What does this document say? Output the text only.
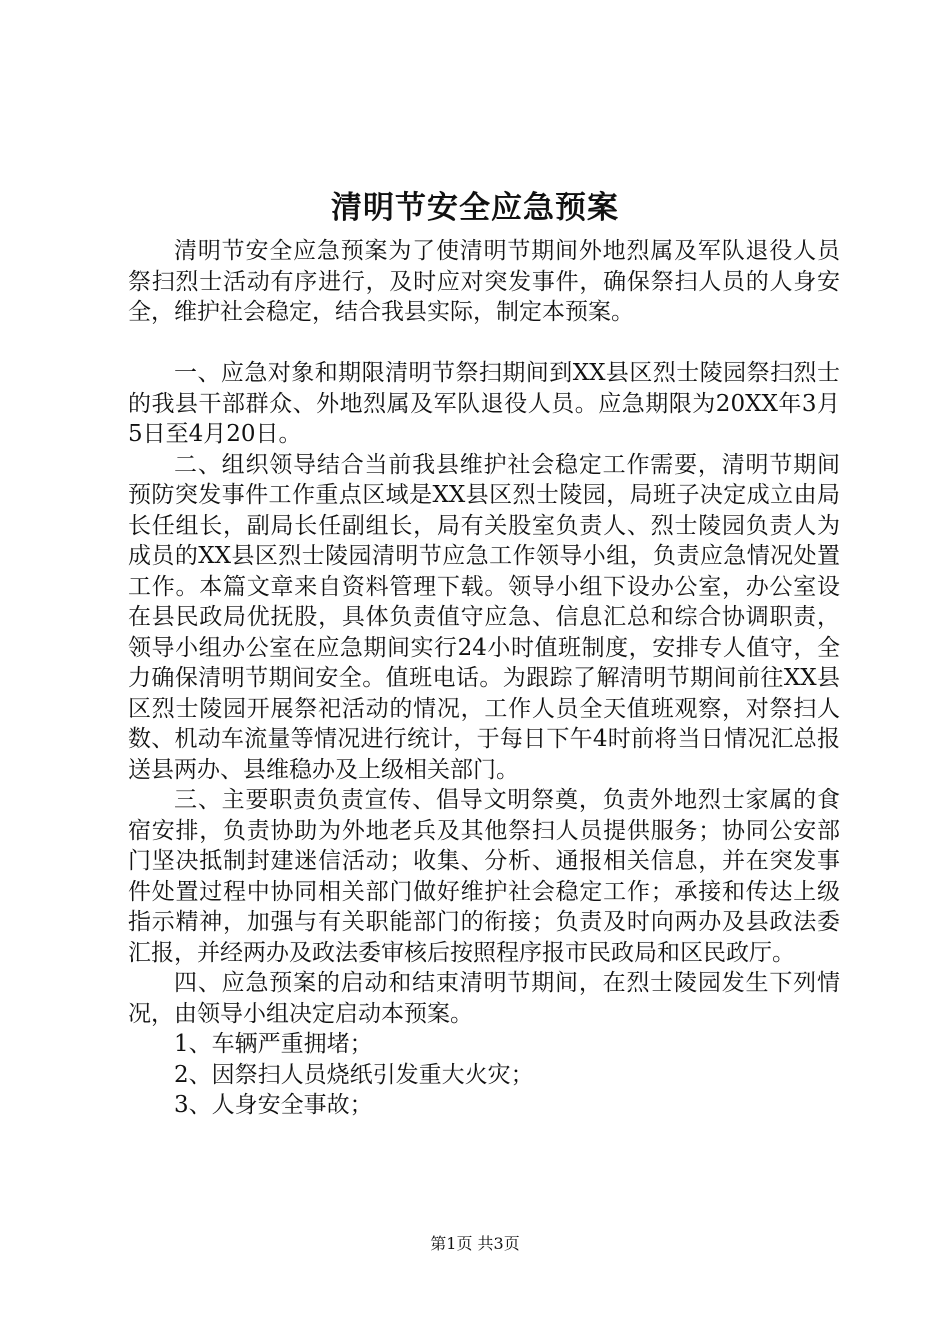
清明节安全应急预案

清明节安全应急预案为了使清明节期间外地烈属及军队退役人员祭扫烈士活动有序进行，及时应对突发事件，确保祭扫人员的人身安全，维护社会稳定，结合我县实际，制定本预案。

一、应急对象和期限清明节祭扫期间到XX县区烈士陵园祭扫烈士的我县干部群众、外地烈属及军队退役人员。应急期限为20XX年3月5日至4月20日。

二、组织领导结合当前我县维护社会稳定工作需要，清明节期间预防突发事件工作重点区域是XX县区烈士陵园，局班子决定成立由局长任组长，副局长任副组长，局有关股室负责人、烈士陵园负责人为成员的XX县区烈士陵园清明节应急工作领导小组，负责应急情况处置工作。本篇文章来自资料管理下载。领导小组下设办公室，办公室设在县民政局优抚股，具体负责值守应急、信息汇总和综合协调职责，领导小组办公室在应急期间实行24小时值班制度，安排专人值守，全力确保清明节期间安全。值班电话。为跟踪了解清明节期间前往XX县区烈士陵园开展祭祀活动的情况，工作人员全天值班观察，对祭扫人数、机动车流量等情况进行统计，于每日下午4时前将当日情况汇总报送县两办、县维稳办及上级相关部门。

三、主要职责负责宣传、倡导文明祭奠，负责外地烈士家属的食宿安排，负责协助为外地老兵及其他祭扫人员提供服务；协同公安部门坚决抵制封建迷信活动；收集、分析、通报相关信息，并在突发事件处置过程中协同相关部门做好维护社会稳定工作；承接和传达上级指示精神，加强与有关职能部门的衔接；负责及时向两办及县政法委汇报，并经两办及政法委审核后按照程序报市民政局和区民政厅。

四、应急预案的启动和结束清明节期间，在烈士陵园发生下列情况，由领导小组决定启动本预案。

1、车辆严重拥堵；

2、因祭扫人员烧纸引发重大火灾；

3、人身安全事故；

第1页 共3页
